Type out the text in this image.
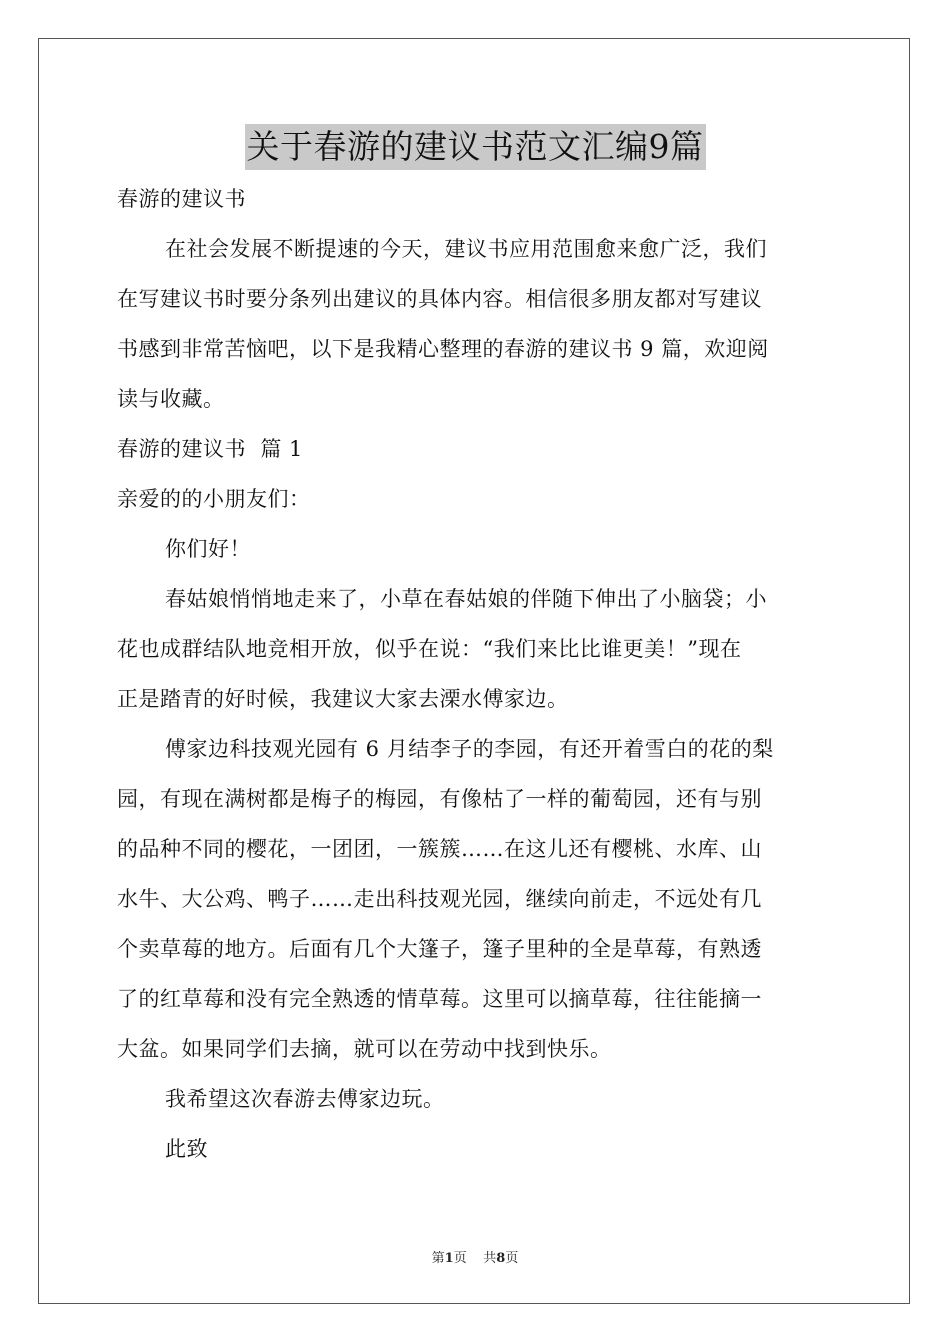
关于春游的建议书范文汇编9篇
春游的建议书
在社会发展不断提速的今天，建议书应用范围愈来愈广泛，我们
在写建议书时要分条列出建议的具体内容。相信很多朋友都对写建议
书感到非常苦恼吧，以下是我精心整理的春游的建议书 9 篇，欢迎阅
读与收藏。
春游的建议书  篇 1
亲爱的的小朋友们：
你们好！
春姑娘悄悄地走来了，小草在春姑娘的伴随下伸出了小脑袋；小
花也成群结队地竞相开放，似乎在说：“我们来比比谁更美！”现在
正是踏青的好时候，我建议大家去溧水傅家边。
傅家边科技观光园有 6 月结李子的李园，有还开着雪白的花的梨
园，有现在满树都是梅子的梅园，有像枯了一样的葡萄园，还有与别
的品种不同的樱花，一团团，一簇簇……在这儿还有樱桃、水库、山
水牛、大公鸡、鸭子……走出科技观光园，继续向前走，不远处有几
个卖草莓的地方。后面有几个大篷子，篷子里种的全是草莓，有熟透
了的红草莓和没有完全熟透的情草莓。这里可以摘草莓，往往能摘一
大盆。如果同学们去摘，就可以在劳动中找到快乐。
我希望这次春游去傅家边玩。
此致
第1页 共8页
